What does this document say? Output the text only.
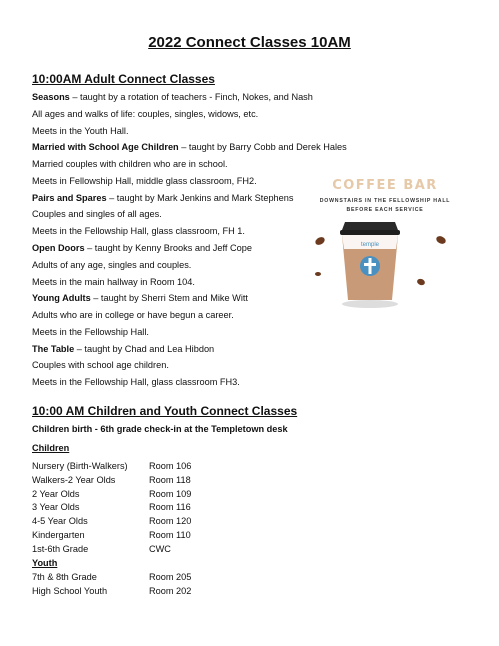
2022 Connect Classes 10AM
10:00AM Adult Connect Classes
Seasons – taught by a rotation of teachers - Finch, Nokes, and Nash
All ages and walks of life: couples, singles, widows, etc.
Meets in the Youth Hall.
Married with School Age Children – taught by Barry Cobb and Derek Hales
Married couples with children who are in school.
Meets in Fellowship Hall, middle glass classroom, FH2.
Pairs and Spares – taught by Mark Jenkins and Mark Stephens
Couples and singles of all ages.
Meets in the Fellowship Hall, glass classroom, FH 1.
Open Doors – taught by Kenny Brooks and Jeff Cope
Adults of any age, singles and couples.
Meets in the main hallway in Room 104.
Young Adults – taught by Sherri Stem and Mike Witt
Adults who are in college or have begun a career.
Meets in the Fellowship Hall.
The Table – taught by Chad and Lea Hibdon
Couples with school age children.
Meets in the Fellowship Hall, glass classroom FH3.
COFFEE BAR
DOWNSTAIRS IN THE FELLOWSHIP HALL
BEFORE EACH SERVICE
temple
10:00 AM Children and Youth Connect Classes
Children birth - 6th grade check-in at the Templetown desk
Children
Nursery (Birth-Walkers) Room 106
Walkers-2 Year Olds	Room 118
2 Year Olds	Room 109
3 Year Olds	Room 116
4-5 Year Olds	Room 120
Kindergarten	Room 110
1st-6th Grade	CWC
Youth
7th & 8th Grade	Room 205
High School Youth	Room 202
